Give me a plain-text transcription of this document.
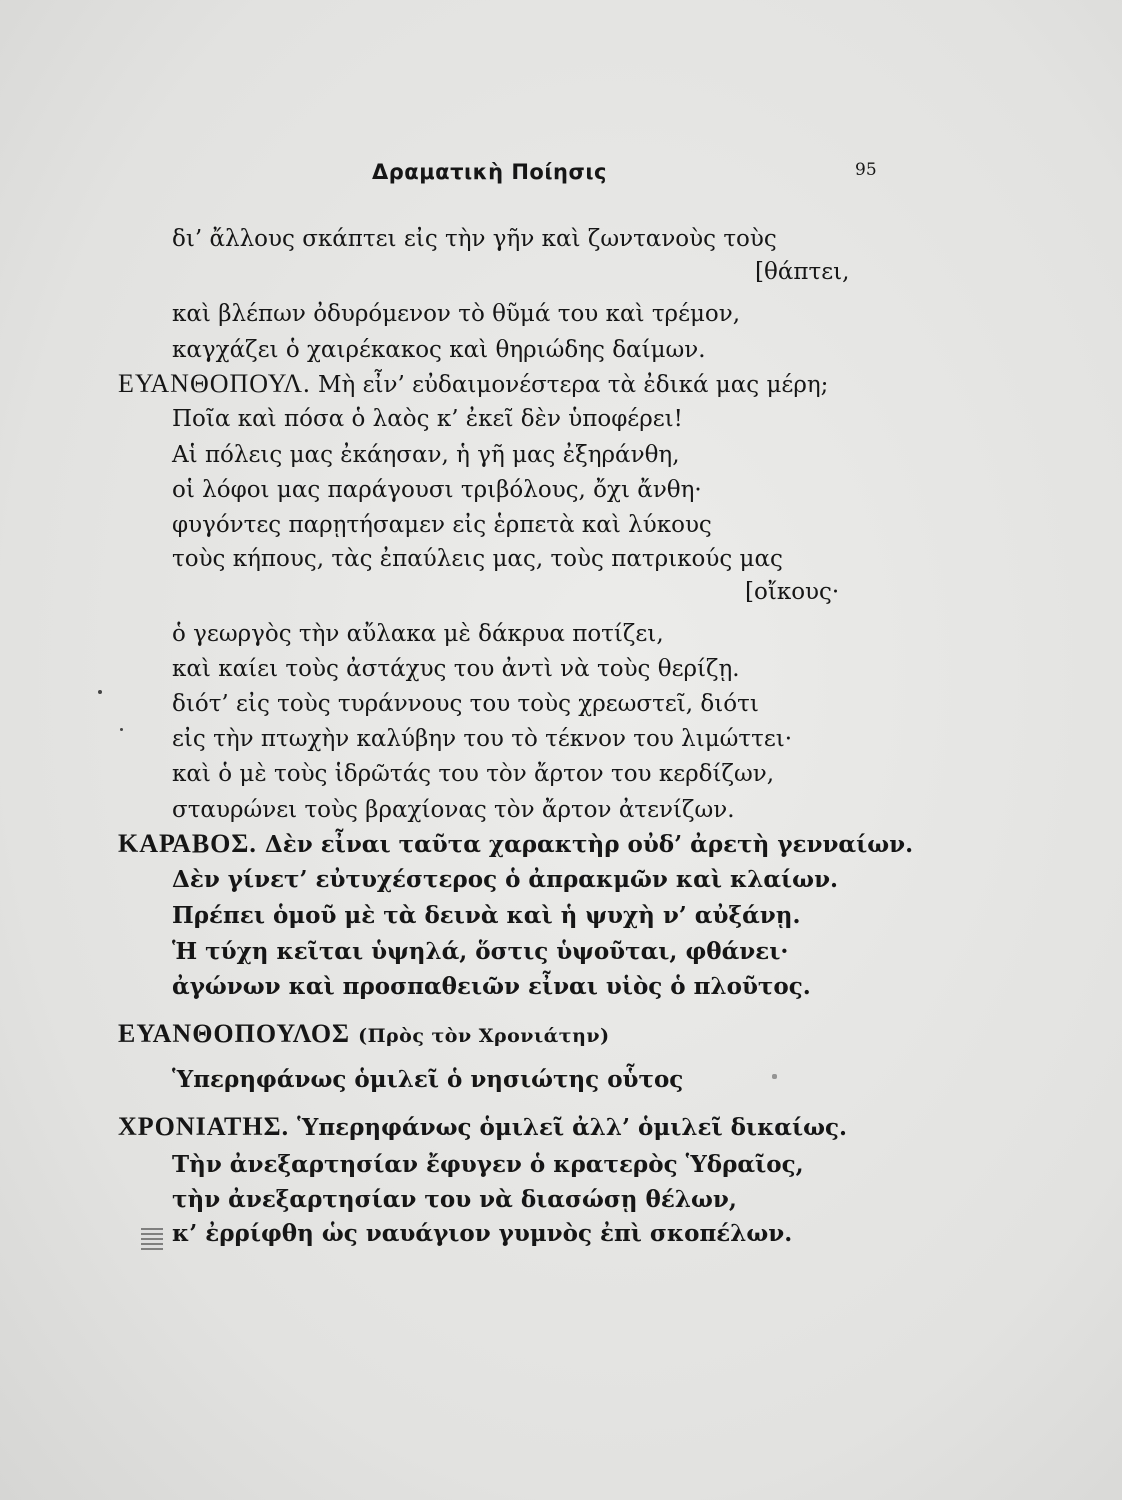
Δραματικὴ Ποίησις	95
δι’ ἄλλους σκάπτει εἰς τὴν γῆν καὶ ζωντανοὺς τοὺς
[θάπτει,
καὶ βλέπων ὀδυρόμενον τὸ θῦμά του καὶ τρέμον,
καγχάζει ὁ χαιρέκακος καὶ θηριώδης δαίμων.
ΕΥΑΝΘΟΠΟΥΛ. Μὴ εἶν’ εὐδαιμονέστερα τὰ ἐδικά μας μέρη;
Ποῖα καὶ πόσα ὁ λαὸς κ’ ἐκεῖ δὲν ὑποφέρει!
Αἱ πόλεις μας ἐκάησαν, ἡ γῆ μας ἐξηράνθη,
οἱ λόφοι μας παράγουσι τριβόλους, ὄχι ἄνθη·
φυγόντες παρῃτήσαμεν εἰς ἑρπετὰ καὶ λύκους
τοὺς κήπους, τὰς ἐπαύλεις μας, τοὺς πατρικούς μας
[οἴκους·
ὁ γεωργὸς τὴν αὔλακα μὲ δάκρυα ποτίζει,
καὶ καίει τοὺς ἀστάχυς του ἀντὶ νὰ τοὺς θερίζῃ.
διότ’ εἰς τοὺς τυράννους του τοὺς χρεωστεῖ, διότι
εἰς τὴν πτωχὴν καλύβην του τὸ τέκνον του λιμώττει·
καὶ ὁ μὲ τοὺς ἱδρῶτάς του τὸν ἄρτον του κερδίζων,
σταυρώνει τοὺς βραχίονας τὸν ἄρτον ἀτενίζων.
ΚΑΡΑΒΟΣ. Δὲν εἶναι ταῦτα χαρακτὴρ οὐδ’ ἀρετὴ γενναίων.
Δὲν γίνετ’ εὐτυχέστερος ὁ ἀπρακμῶν καὶ κλαίων.
Πρέπει ὁμοῦ μὲ τὰ δεινὰ καὶ ἡ ψυχὴ ν’ αὐξάνῃ.
Ἡ τύχη κεῖται ὑψηλά, ὅστις ὑψοῦται, φθάνει·
ἀγώνων καὶ προσπαθειῶν εἶναι υἱὸς ὁ πλοῦτος.
ΕΥΑΝΘΟΠΟΥΛΟΣ (Πρὸς τὸν Χρονιάτην)
Ὑπερηφάνως ὁμιλεῖ ὁ νησιώτης οὗτος
ΧΡΟΝΙΑΤΗΣ. Ὑπερηφάνως ὁμιλεῖ ἀλλ’ ὁμιλεῖ δικαίως.
Τὴν ἀνεξαρτησίαν ἔφυγεν ὁ κρατερὸς Ὑδραῖος,
τὴν ἀνεξαρτησίαν του νὰ διασώσῃ θέλων,
κ’ ἐρρίφθη ὡς ναυάγιον γυμνὸς ἐπὶ σκοπέλων.
